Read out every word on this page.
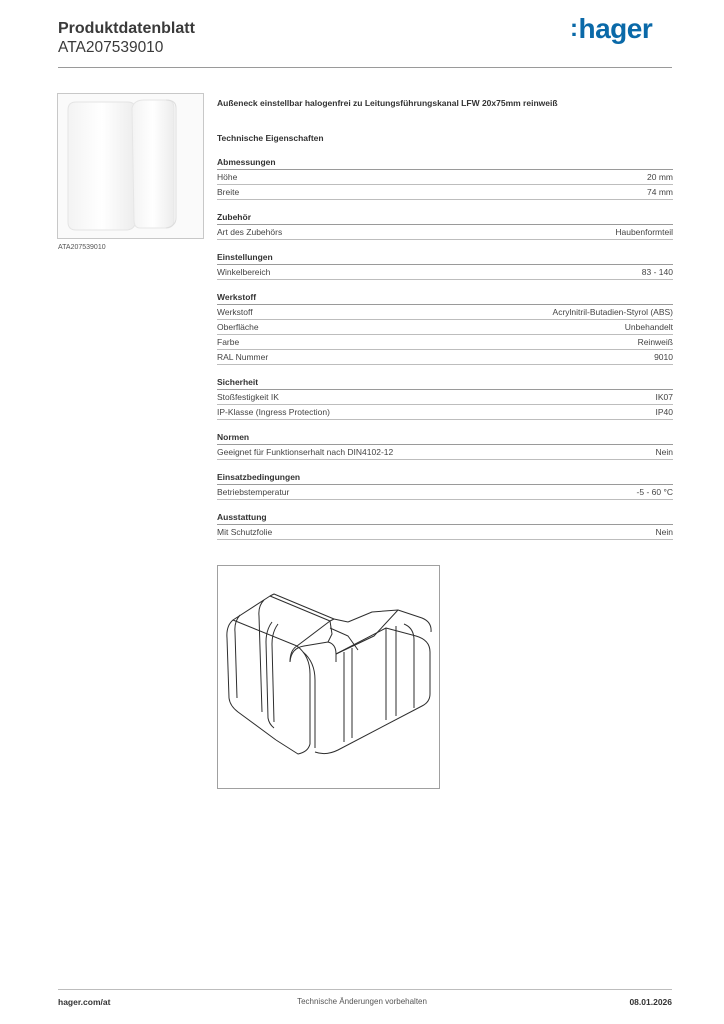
Produktdatenblatt
ATA207539010
:hager
ATA207539010
Außeneck einstellbar halogenfrei zu Leitungsführungskanal LFW 20x75mm reinweiß
Technische Eigenschaften
Abmessungen
Höhe	20 mm
Breite	74 mm
Zubehör
Art des Zubehörs	Haubenformteil
Einstellungen
Winkelbereich	83 - 140
Werkstoff
Werkstoff	Acrylnitril-Butadien-Styrol (ABS)
Oberfläche	Unbehandelt
Farbe	Reinweiß
RAL Nummer	9010
Sicherheit
Stoßfestigkeit IK	IK07
IP-Klasse (Ingress Protection)	IP40
Normen
Geeignet für Funktionserhalt nach DIN4102-12	Nein
Einsatzbedingungen
Betriebstemperatur	-5 - 60 °C
Ausstattung
Mit Schutzfolie	Nein
hager.com/at	Technische Änderungen vorbehalten	08.01.2026
